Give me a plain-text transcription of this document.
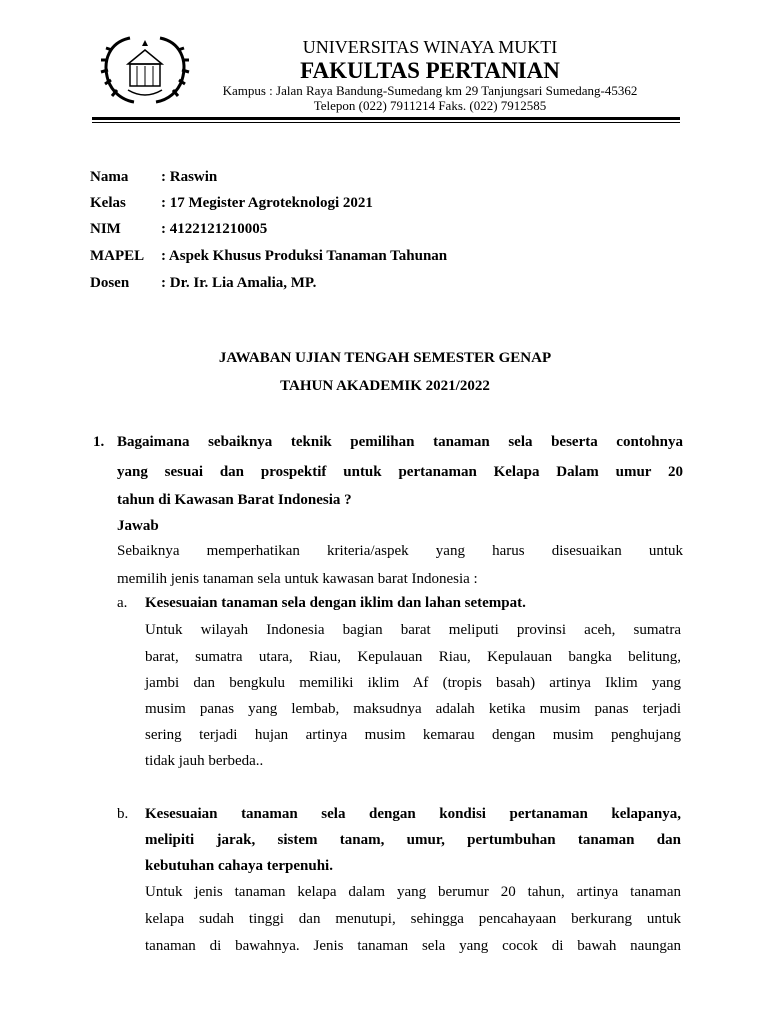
UNIVERSITAS WINAYA MUKTI
FAKULTAS PERTANIAN
Kampus : Jalan Raya Bandung-Sumedang km 29 Tanjungsari Sumedang-45362
Telepon (022) 7911214 Faks. (022) 7912585
Nama : Raswin
Kelas : 17 Megister Agroteknologi 2021
NIM	: 4122121210005
MAPEL : Aspek Khusus Produksi Tanaman Tahunan
Dosen : Dr. Ir. Lia Amalia, MP.
JAWABAN UJIAN TENGAH SEMESTER GENAP
TAHUN AKADEMIK 2021/2022
1. Bagaimana sebaiknya teknik pemilihan tanaman sela beserta contohnya
yang sesuai dan prospektif untuk pertanaman Kelapa Dalam umur 20
tahun di Kawasan Barat Indonesia ?
Jawab
Sebaiknya memperhatikan kriteria/aspek yang harus disesuaikan untuk
memilih jenis tanaman sela untuk kawasan barat Indonesia :
a. Kesesuaian tanaman sela dengan iklim dan lahan setempat.
Untuk wilayah Indonesia bagian barat meliputi provinsi aceh, sumatra
barat, sumatra utara, Riau, Kepulauan Riau, Kepulauan bangka belitung,
jambi dan bengkulu memiliki iklim Af (tropis basah) artinya Iklim yang
musim panas yang lembab, maksudnya adalah ketika musim panas terjadi
sering terjadi hujan artinya musim kemarau dengan musim penghujang
tidak jauh berbeda..
b. Kesesuaian tanaman sela dengan kondisi pertanaman kelapanya,
melipiti jarak, sistem tanam, umur, pertumbuhan tanaman dan
kebutuhan cahaya terpenuhi.
Untuk jenis tanaman kelapa dalam yang berumur 20 tahun, artinya tanaman
kelapa sudah tinggi dan menutupi, sehingga pencahayaan berkurang untuk
tanaman di bawahnya. Jenis tanaman sela yang cocok di bawah naungan
